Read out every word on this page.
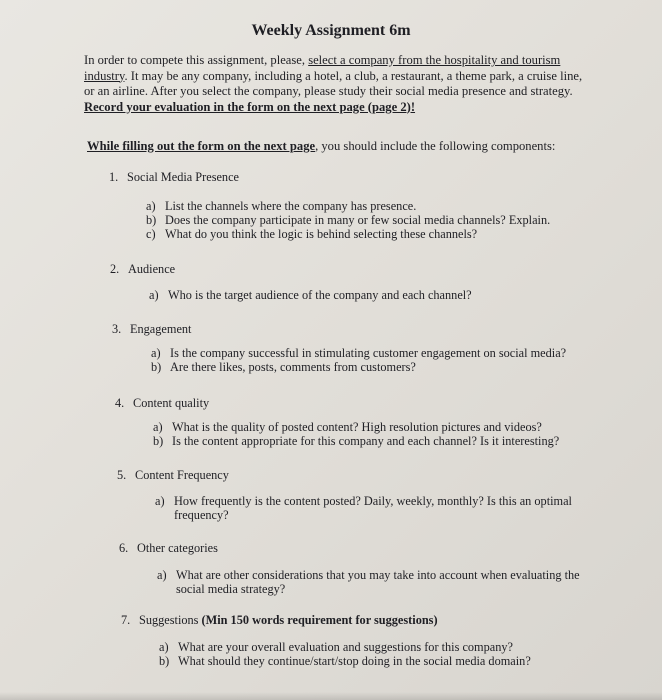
Weekly Assignment 6m
In order to compete this assignment, please, select a company from the hospitality and tourism industry. It may be any company, including a hotel, a club, a restaurant, a theme park, a cruise line, or an airline. After you select the company, please study their social media presence and strategy. Record your evaluation in the form on the next page (page 2)!
While filling out the form on the next page, you should include the following components:
1. Social Media Presence
a) List the channels where the company has presence.
b) Does the company participate in many or few social media channels? Explain.
c) What do you think the logic is behind selecting these channels?
2. Audience
a) Who is the target audience of the company and each channel?
3. Engagement
a) Is the company successful in stimulating customer engagement on social media?
b) Are there likes, posts, comments from customers?
4. Content quality
a) What is the quality of posted content? High resolution pictures and videos?
b) Is the content appropriate for this company and each channel? Is it interesting?
5. Content Frequency
a) How frequently is the content posted? Daily, weekly, monthly? Is this an optimal frequency?
6. Other categories
a) What are other considerations that you may take into account when evaluating the social media strategy?
7. Suggestions (Min 150 words requirement for suggestions)
a) What are your overall evaluation and suggestions for this company?
b) What should they continue/start/stop doing in the social media domain?
